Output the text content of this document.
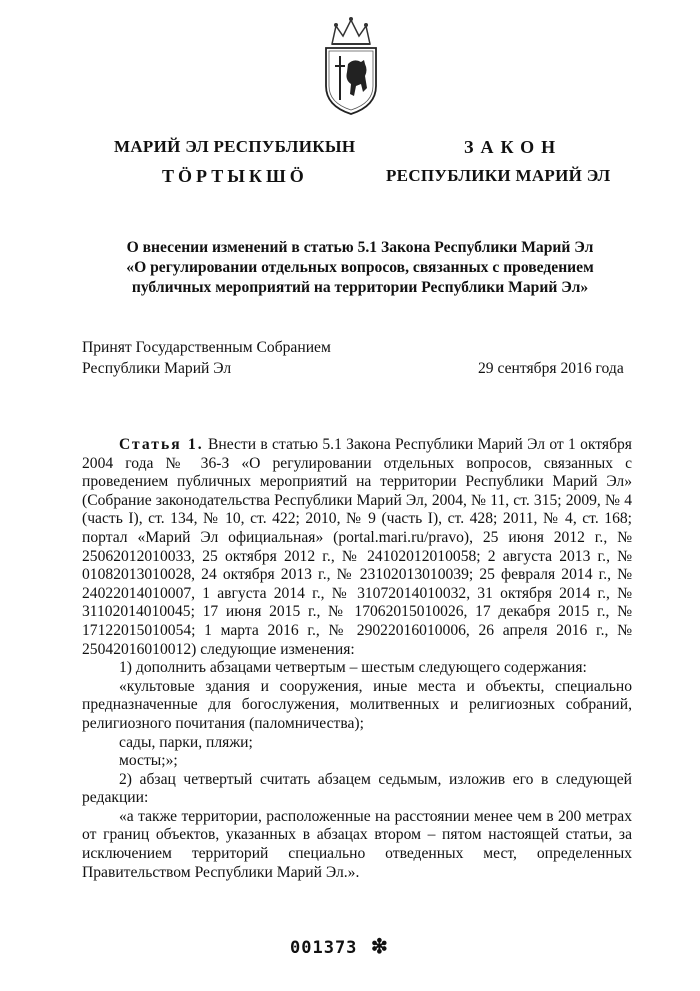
МАРИЙ ЭЛ РЕСПУБЛИКЫН
ТӦРТЫКШӦ
ЗАКОН
РЕСПУБЛИКИ МАРИЙ ЭЛ
О внесении изменений в статью 5.1 Закона Республики Марий Эл
«О регулировании отдельных вопросов, связанных с проведением
публичных мероприятий на территории Республики Марий Эл»
Принят Государственным Собранием
Республики Марий Эл	29 сентября 2016 года

Статья 1. Внести в статью 5.1 Закона Республики Марий Эл от 1 октября 2004 года № 36-З «О регулировании отдельных вопросов, связанных с проведением публичных мероприятий на территории Республики Марий Эл» (Собрание законодательства Республики Марий Эл, 2004, № 11, ст. 315; 2009, № 4 (часть I), ст. 134, № 10, ст. 422; 2010, № 9 (часть I), ст. 428; 2011, № 4, ст. 168; портал «Марий Эл официальная» (portal.mari.ru/pravo), 25 июня 2012 г., № 25062012010033, 25 октября 2012 г., № 24102012010058; 2 августа 2013 г., № 01082013010028, 24 октября 2013 г., № 23102013010039; 25 февраля 2014 г., № 24022014010007, 1 августа 2014 г., № 31072014010032, 31 октября 2014 г., № 31102014010045; 17 июня 2015 г., № 17062015010026, 17 декабря 2015 г., № 17122015010054; 1 марта 2016 г., № 29022016010006, 26 апреля 2016 г., № 25042016010012) следующие изменения:

1) дополнить абзацами четвертым – шестым следующего содержания:

«культовые здания и сооружения, иные места и объекты, специально предназначенные для богослужения, молитвенных и религиозных собраний, религиозного почитания (паломничества);

сады, парки, пляжи;

мосты;»;

2) абзац четвертый считать абзацем седьмым, изложив его в следующей редакции:

«а также территории, расположенные на расстоянии менее чем в 200 метрах от границ объектов, указанных в абзацах втором – пятом настоящей статьи, за исключением территорий специально отведенных мест, определенных Правительством Республики Марий Эл.».

001373 ❇
